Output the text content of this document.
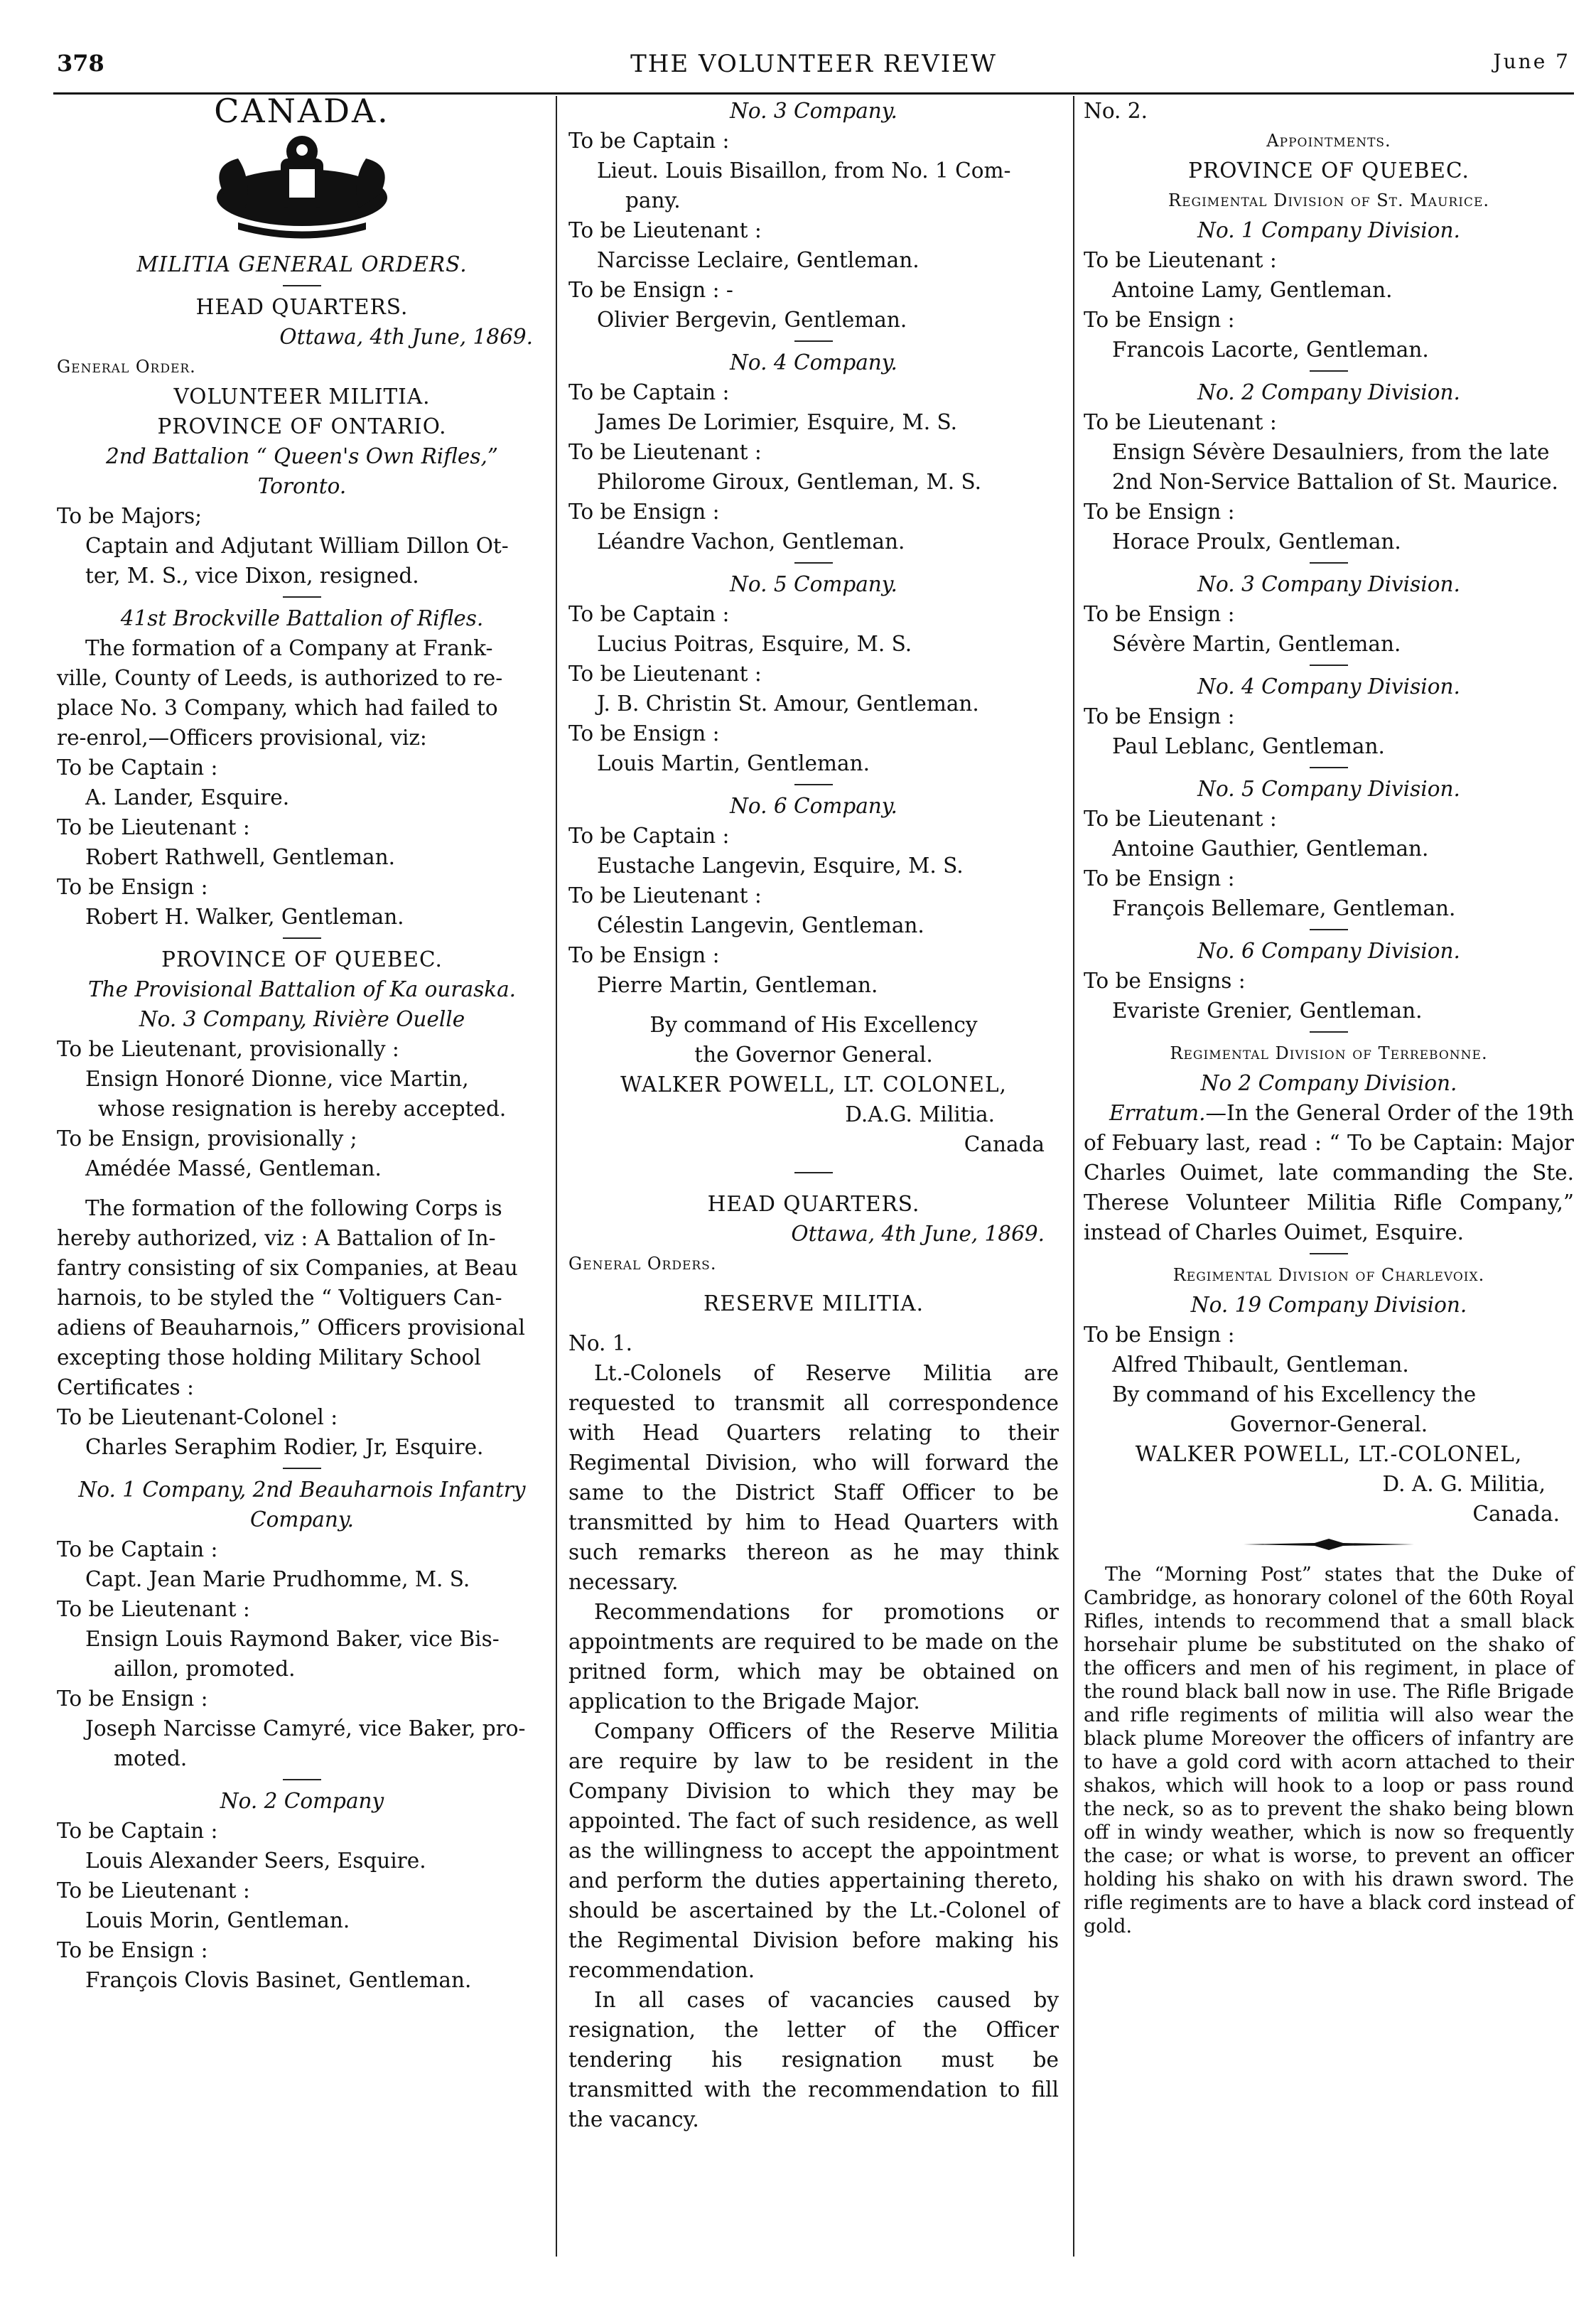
378	THE VOLUNTEER REVIEW	June 7

CANADA.

MILITIA GENERAL ORDERS.

HEAD QUARTERS.

Ottawa, 4th June, 1869.

General Order.

VOLUNTEER MILITIA.

PROVINCE OF ONTARIO.

2nd Battalion “ Queen's Own Rifles,”

Toronto.

To be Majors;

Captain and Adjutant William Dillon Ot-

ter, M. S., vice Dixon, resigned.

41st Brockville Battalion of Rifles.

The formation of a Company at Frank-

ville, County of Leeds, is authorized to re-

place No. 3 Company, which had failed to

re-enrol,—Officers provisional, viz:

To be Captain :

A. Lander, Esquire.

To be Lieutenant :

Robert Rathwell, Gentleman.

To be Ensign :

Robert H. Walker, Gentleman.

PROVINCE OF QUEBEC.

The Provisional Battalion of Ka ouraska.

No. 3 Company, Rivière Ouelle

To be Lieutenant, provisionally :

Ensign Honoré Dionne, vice Martin,

whose resignation is hereby accepted.

To be Ensign, provisionally ;

Amédée Massé, Gentleman.

The formation of the following Corps is

hereby authorized, viz : A Battalion of In-

fantry consisting of six Companies, at Beau

harnois, to be styled the “ Voltiguers Can-

adiens of Beauharnois,” Officers provisional

excepting those holding Military School

Certificates :

To be Lieutenant-Colonel :

Charles Seraphim Rodier, Jr, Esquire.

No. 1 Company, 2nd Beauharnois Infantry

Company.

To be Captain :

Capt. Jean Marie Prudhomme, M. S.

To be Lieutenant :

Ensign Louis Raymond Baker, vice Bis-

aillon, promoted.

To be Ensign :

Joseph Narcisse Camyré, vice Baker, pro-

moted.

No. 2 Company

To be Captain :

Louis Alexander Seers, Esquire.

To be Lieutenant :

Louis Morin, Gentleman.

To be Ensign :

François Clovis Basinet, Gentleman.

No. 3 Company.

To be Captain :

Lieut. Louis Bisaillon, from No. 1 Com-

pany.

To be Lieutenant :

Narcisse Leclaire, Gentleman.

To be Ensign : -

Olivier Bergevin, Gentleman.

No. 4 Company.

To be Captain :

James De Lorimier, Esquire, M. S.

To be Lieutenant :

Philorome Giroux, Gentleman, M. S.

To be Ensign :

Léandre Vachon, Gentleman.

No. 5 Company.

To be Captain :

Lucius Poitras, Esquire, M. S.

To be Lieutenant :

J. B. Christin St. Amour, Gentleman.

To be Ensign :

Louis Martin, Gentleman.

No. 6 Company.

To be Captain :

Eustache Langevin, Esquire, M. S.

To be Lieutenant :

Célestin Langevin, Gentleman.

To be Ensign :

Pierre Martin, Gentleman.

By command of His Excellency

the Governor General.

WALKER POWELL, LT. COLONEL,

D.A.G. Militia.

Canada

HEAD QUARTERS.

Ottawa, 4th June, 1869.

General Orders.

RESERVE MILITIA.

No. 1.

Lt.-Colonels of Reserve Militia are requested to transmit all correspondence with Head Quarters relating to their Regimental Division, who will forward the same to the District Staff Officer to be transmitted by him to Head Quarters with such remarks thereon as he may think necessary.

Recommendations for promotions or appointments are required to be made on the pritned form, which may be obtained on application to the Brigade Major.

Company Officers of the Reserve Militia are require by law to be resident in the Company Division to which they may be appointed. The fact of such residence, as well as the willingness to accept the appointment and perform the duties appertaining thereto, should be ascertained by the Lt.-Colonel of the Regimental Division before making his recommendation.

In all cases of vacancies caused by resignation, the letter of the Officer tendering his resignation must be transmitted with the recommendation to fill the vacancy.

No. 2.

Appointments.

PROVINCE OF QUEBEC.

Regimental Division of St. Maurice.

No. 1 Company Division.

To be Lieutenant :

Antoine Lamy, Gentleman.

To be Ensign :

Francois Lacorte, Gentleman.

No. 2 Company Division.

To be Lieutenant :

Ensign Sévère Desaulniers, from the late

2nd Non-Service Battalion of St. Maurice.

To be Ensign :

Horace Proulx, Gentleman.

No. 3 Company Division.

To be Ensign :

Sévère Martin, Gentleman.

No. 4 Company Division.

To be Ensign :

Paul Leblanc, Gentleman.

No. 5 Company Division.

To be Lieutenant :

Antoine Gauthier, Gentleman.

To be Ensign :

François Bellemare, Gentleman.

No. 6 Company Division.

To be Ensigns :

Evariste Grenier, Gentleman.

Regimental Division of Terrebonne.

No 2 Company Division.

Erratum.—In the General Order of the 19th of Febuary last, read : “ To be Captain: Major Charles Ouimet, late commanding the Ste. Therese Volunteer Militia Rifle Company,” instead of Charles Ouimet, Esquire.

Regimental Division of Charlevoix.

No. 19 Company Division.

To be Ensign :

Alfred Thibault, Gentleman.

By command of his Excellency the

Governor-General.

WALKER POWELL, LT.-COLONEL,

D. A. G. Militia,

Canada.

The “Morning Post” states that the Duke of Cambridge, as honorary colonel of the 60th Royal Rifles, intends to recommend that a small black horsehair plume be substituted on the shako of the officers and men of his regiment, in place of the round black ball now in use. The Rifle Brigade and rifle regiments of militia will also wear the black plume Moreover the officers of infantry are to have a gold cord with acorn attached to their shakos, which will hook to a loop or pass round the neck, so as to prevent the shako being blown off in windy weather, which is now so frequently the case; or what is worse, to prevent an officer holding his shako on with his drawn sword. The rifle regiments are to have a black cord instead of gold.
